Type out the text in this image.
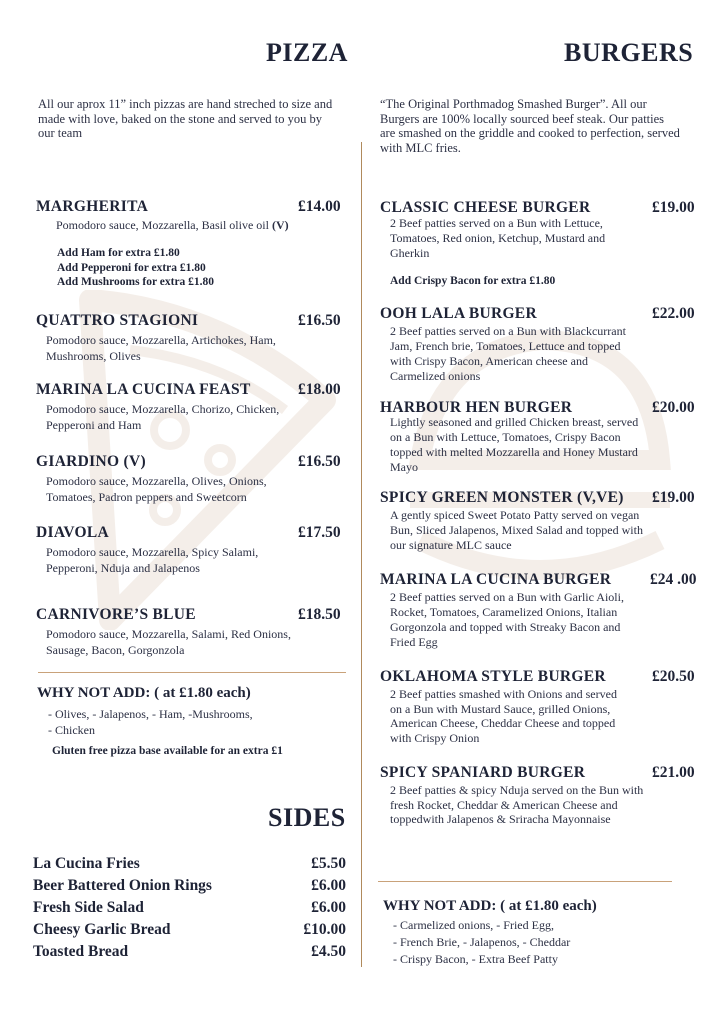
PIZZA
All our aprox 11” inch pizzas are hand streched to size and made with love, baked on the stone and served to you by our team
MARGHERITA	£14.00
Pomodoro sauce, Mozzarella, Basil olive oil (V)
Add Ham for extra £1.80
Add Pepperoni for extra £1.80
Add Mushrooms for extra £1.80
QUATTRO STAGIONI	£16.50
Pomodoro sauce, Mozzarella, Artichokes, Ham, Mushrooms, Olives
MARINA LA CUCINA FEAST	£18.00
Pomodoro sauce, Mozzarella, Chorizo, Chicken, Pepperoni and Ham
GIARDINO (V)	£16.50
Pomodoro sauce, Mozzarella, Olives, Onions, Tomatoes, Padron peppers and Sweetcorn
DIAVOLA	£17.50
Pomodoro sauce, Mozzarella, Spicy Salami, Pepperoni, Nduja and Jalapenos
CARNIVORE’S BLUE	£18.50
Pomodoro sauce, Mozzarella, Salami, Red Onions, Sausage, Bacon, Gorgonzola
WHY NOT ADD: ( at £1.80 each)
- Olives, - Jalapenos, - Ham, -Mushrooms,
- Chicken
Gluten free pizza base available for an extra £1
SIDES
La Cucina Fries	£5.50
Beer Battered Onion Rings	£6.00
Fresh Side Salad	£6.00
Cheesy Garlic Bread	£10.00
Toasted Bread	£4.50
BURGERS
“The Original Porthmadog Smashed Burger”. All our Burgers are 100% locally sourced beef steak. Our patties are smashed on the griddle and cooked to perfection, served with MLC fries.
CLASSIC CHEESE BURGER	£19.00
2 Beef patties served on a Bun with Lettuce, Tomatoes, Red onion, Ketchup, Mustard and Gherkin
Add Crispy Bacon for extra £1.80
OOH LALA BURGER	£22.00
2 Beef patties served on a Bun with Blackcurrant Jam, French brie, Tomatoes, Lettuce and topped with Crispy Bacon, American cheese and Carmelized onions
HARBOUR HEN BURGER	£20.00
Lightly seasoned and grilled Chicken breast, served on a Bun with Lettuce, Tomatoes, Crispy Bacon topped with melted Mozzarella and Honey Mustard Mayo
SPICY GREEN MONSTER (V,VE) £19.00
A gently spiced Sweet Potato Patty served on vegan Bun, Sliced Jalapenos, Mixed Salad and topped with our signature MLC sauce
MARINA LA CUCINA BURGER	£24 .00
2 Beef patties served on a Bun with Garlic Aioli, Rocket, Tomatoes, Caramelized Onions, Italian Gorgonzola and topped with Streaky Bacon and Fried Egg
OKLAHOMA STYLE BURGER	£20.50
2 Beef patties smashed with Onions and served on a Bun with Mustard Sauce, grilled Onions, American Cheese, Cheddar Cheese and topped with Crispy Onion
SPICY SPANIARD BURGER	£21.00
2 Beef patties & spicy Nduja served on the Bun with fresh Rocket, Cheddar & American Cheese and toppedwith Jalapenos & Sriracha Mayonnaise
WHY NOT ADD: ( at £1.80 each)
- Carmelized onions, - Fried Egg,
- French Brie, - Jalapenos, - Cheddar
- Crispy Bacon, - Extra Beef Patty
